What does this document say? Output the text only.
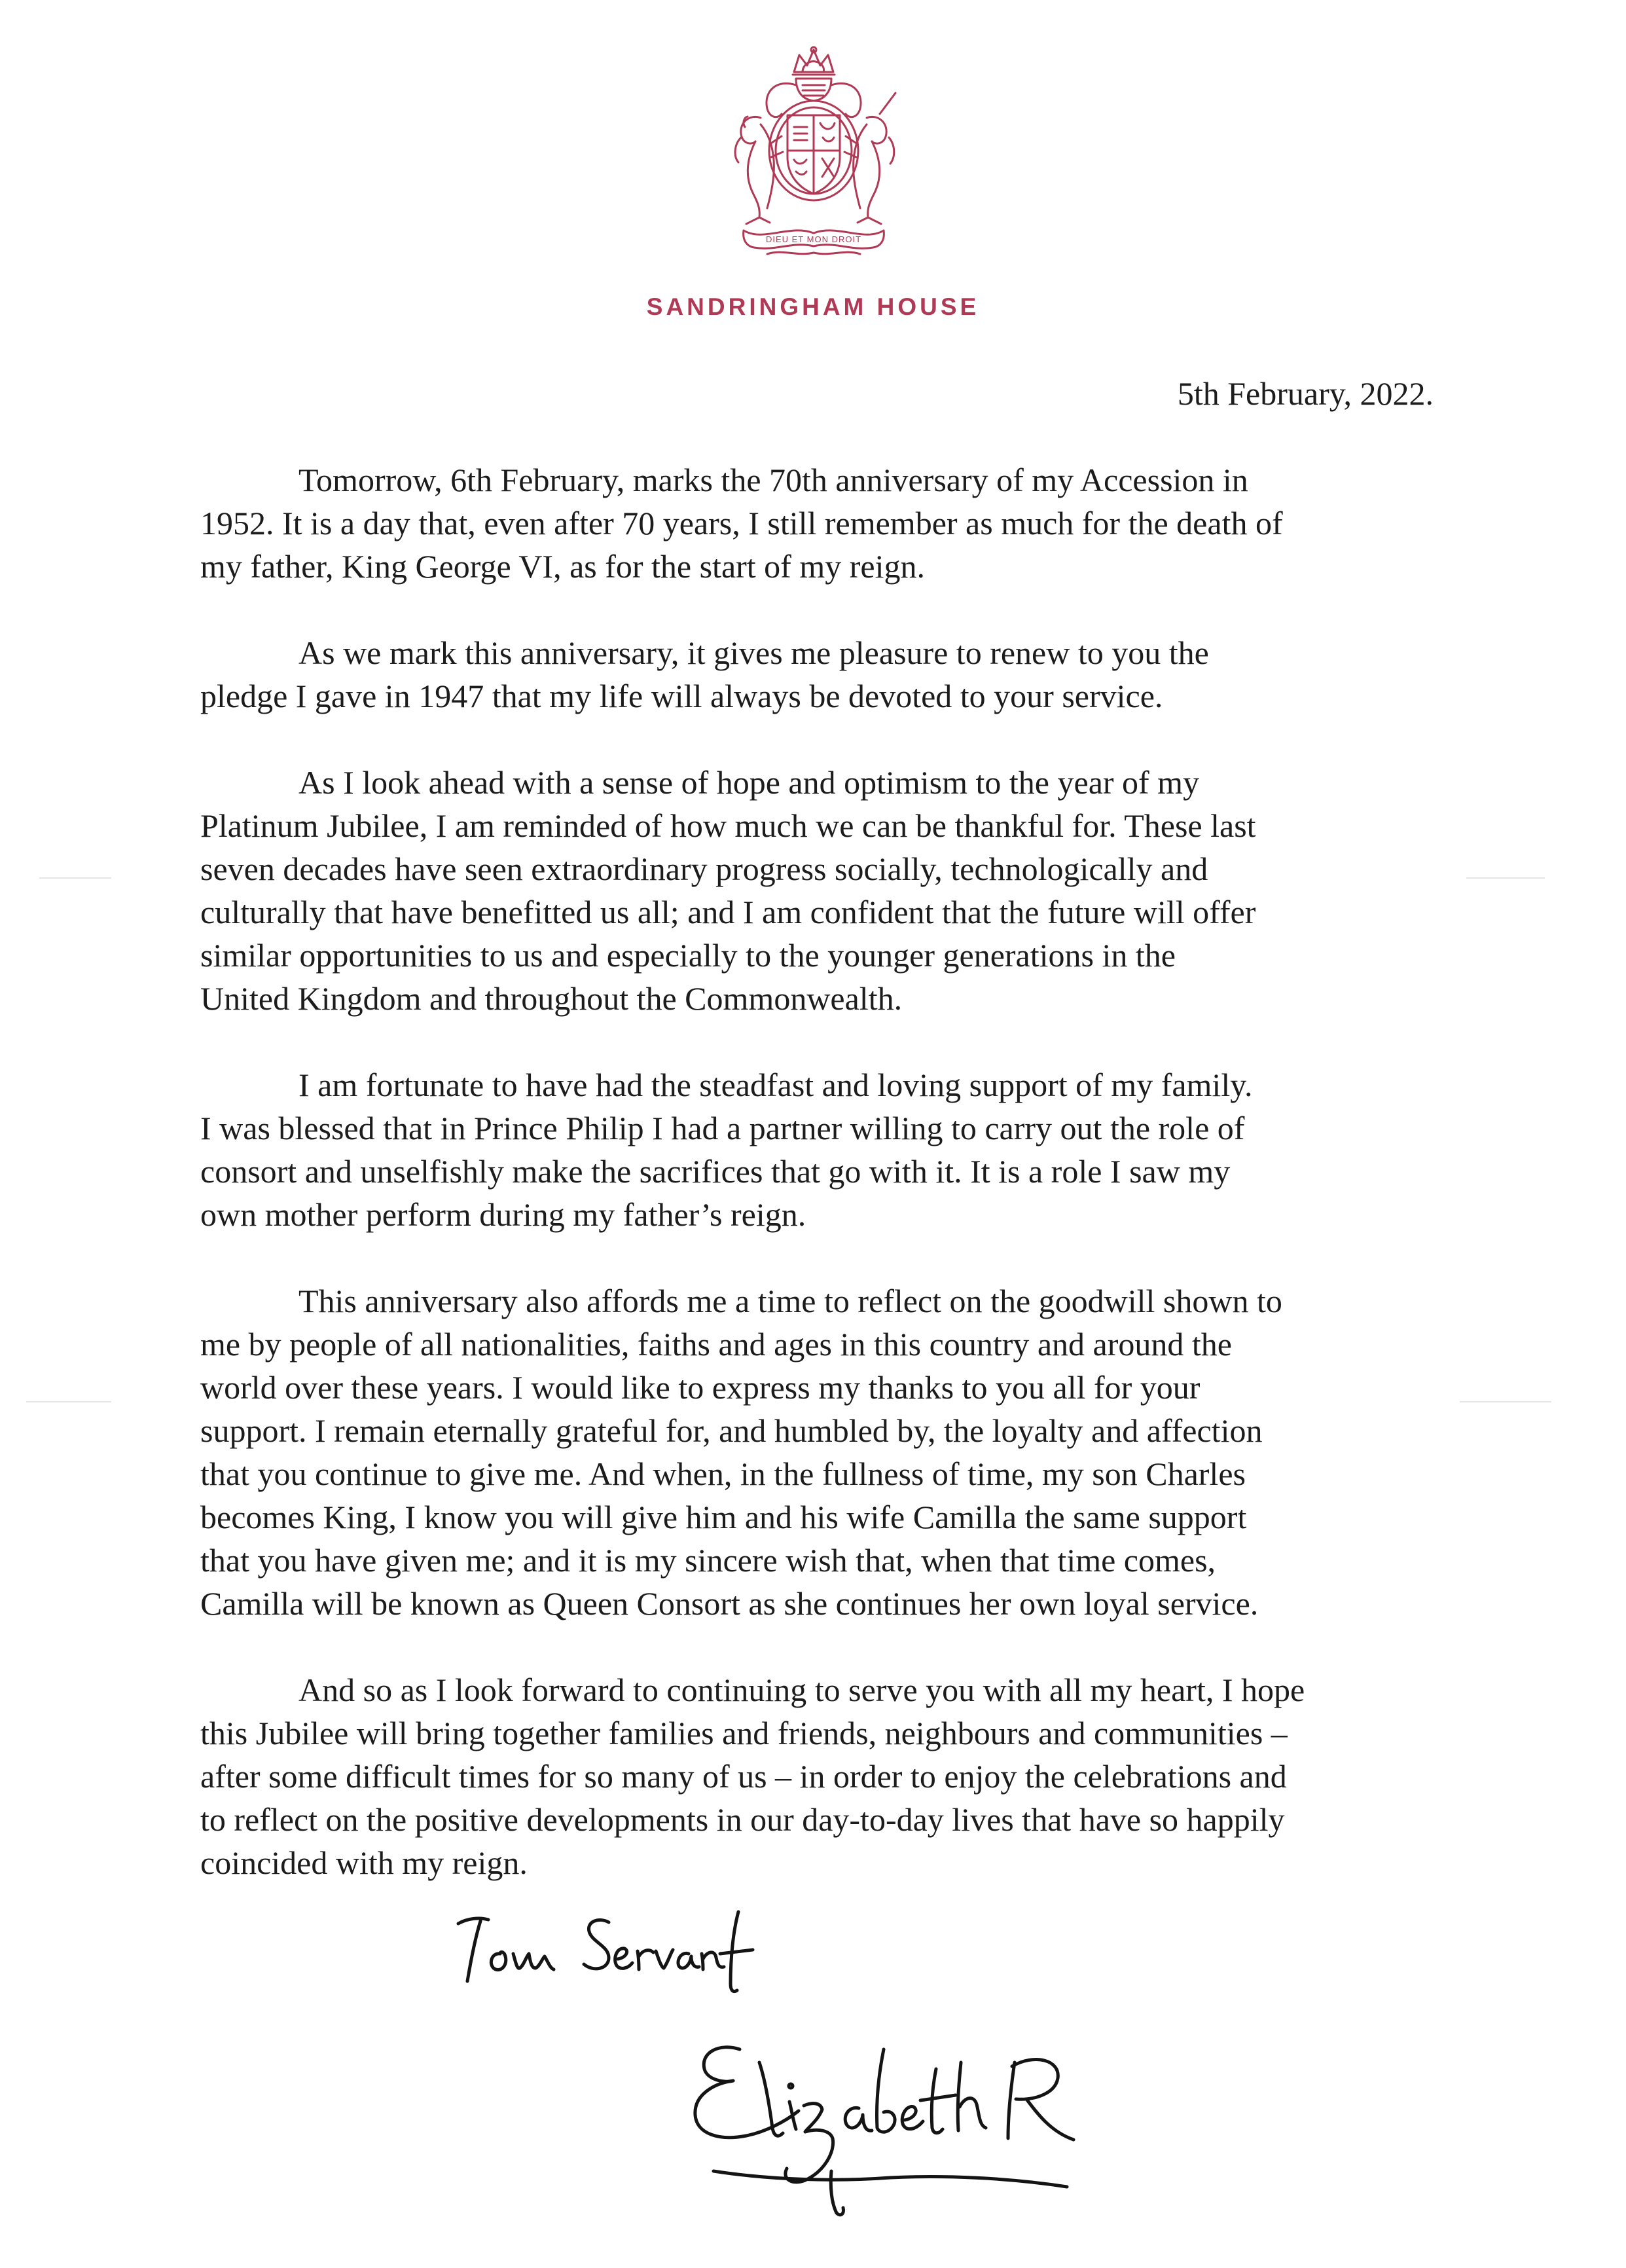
DIEU ET MON DROIT
SANDRINGHAM HOUSE
5th February, 2022.
Tomorrow, 6th February, marks the 70th anniversary of my Accession in
1952. It is a day that, even after 70 years, I still remember as much for the death of
my father, King George VI, as for the start of my reign.
As we mark this anniversary, it gives me pleasure to renew to you the
pledge I gave in 1947 that my life will always be devoted to your service.
As I look ahead with a sense of hope and optimism to the year of my
Platinum Jubilee, I am reminded of how much we can be thankful for. These last
seven decades have seen extraordinary progress socially, technologically and
culturally that have benefitted us all; and I am confident that the future will offer
similar opportunities to us and especially to the younger generations in the
United Kingdom and throughout the Commonwealth.
I am fortunate to have had the steadfast and loving support of my family.
I was blessed that in Prince Philip I had a partner willing to carry out the role of
consort and unselfishly make the sacrifices that go with it. It is a role I saw my
own mother perform during my father’s reign.
This anniversary also affords me a time to reflect on the goodwill shown to
me by people of all nationalities, faiths and ages in this country and around the
world over these years. I would like to express my thanks to you all for your
support. I remain eternally grateful for, and humbled by, the loyalty and affection
that you continue to give me. And when, in the fullness of time, my son Charles
becomes King, I know you will give him and his wife Camilla the same support
that you have given me; and it is my sincere wish that, when that time comes,
Camilla will be known as Queen Consort as she continues her own loyal service.
And so as I look forward to continuing to serve you with all my heart, I hope
this Jubilee will bring together families and friends, neighbours and communities –
after some difficult times for so many of us – in order to enjoy the celebrations and
to reflect on the positive developments in our day-to-day lives that have so happily
coincided with my reign.
